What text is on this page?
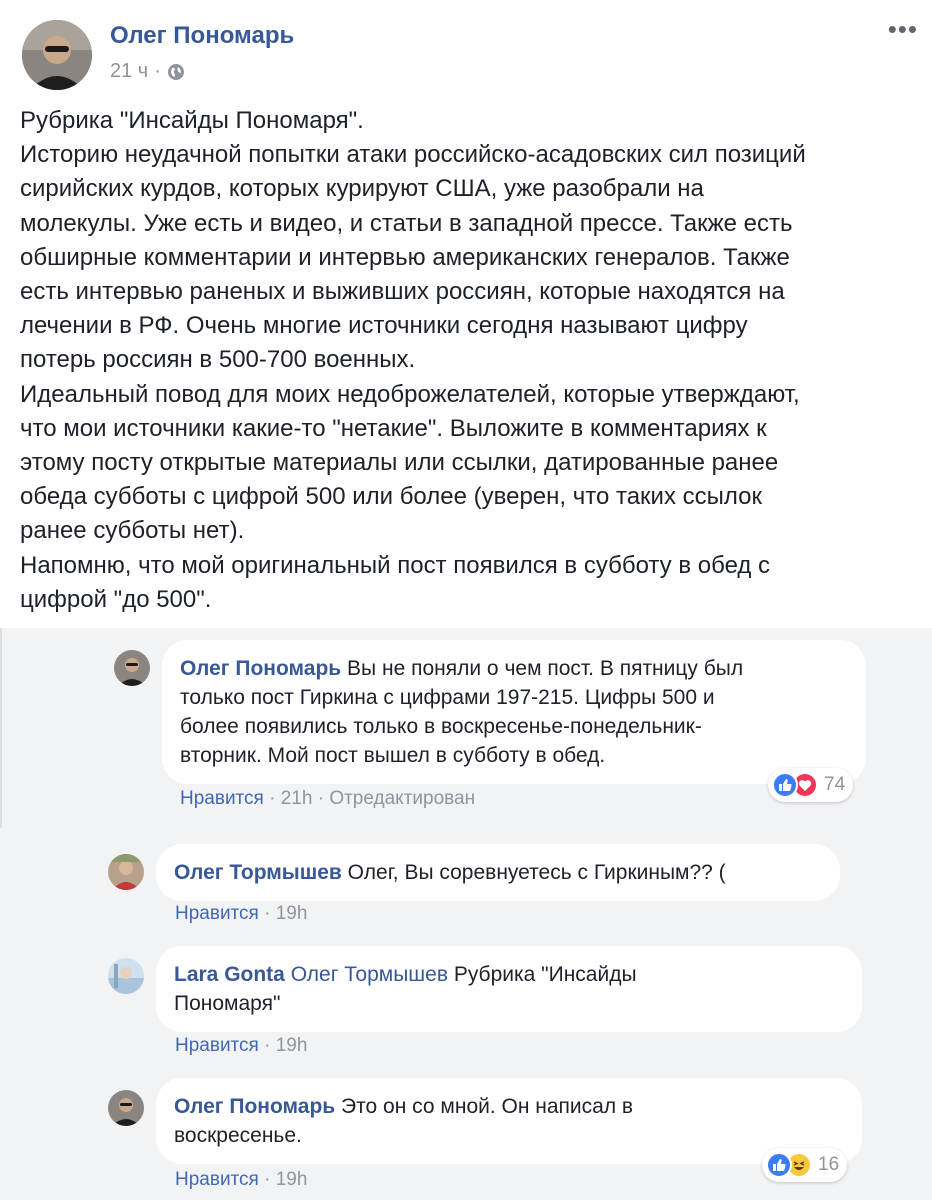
Олег Пономарь
21 ч ·
•••

Рубрика "Инсайды Пономаря".

Историю неудачной попытки атаки российско-асадовских сил позиций

сирийских курдов, которых курируют США, уже разобрали на

молекулы. Уже есть и видео, и статьи в западной прессе. Также есть

обширные комментарии и интервью американских генералов. Также

есть интервью раненых и выживших россиян, которые находятся на

лечении в РФ. Очень многие источники сегодня называют цифру

потерь россиян в 500-700 военных.

Идеальный повод для моих недоброжелателей, которые утверждают,

что мои источники какие-то "нетакие". Выложите в комментариях к

этому посту открытые материалы или ссылки, датированные ранее

обеда субботы с цифрой 500 или более (уверен, что таких ссылок

ранее субботы нет).

Напомню, что мой оригинальный пост появился в субботу в обед с

цифрой "до 500".

Олег Пономарь Вы не поняли о чем пост. В пятницу был
только пост Гиркина с цифрами 197-215. Цифры 500 и
более появились только в воскресенье-понедельник-
вторник. Мой пост вышел в субботу в обед.
74
Нравится · 21h · Отредактирован
Олег Тормышев Олег, Вы соревнуетесь с Гиркиным?? (
Нравится · 19h
Lara Gonta Олег Тормышев Рубрика "Инсайды
Пономаря"
Нравится · 19h
Олег Пономарь Это он со мной. Он написал в
воскресенье.
16
Нравится · 19h
